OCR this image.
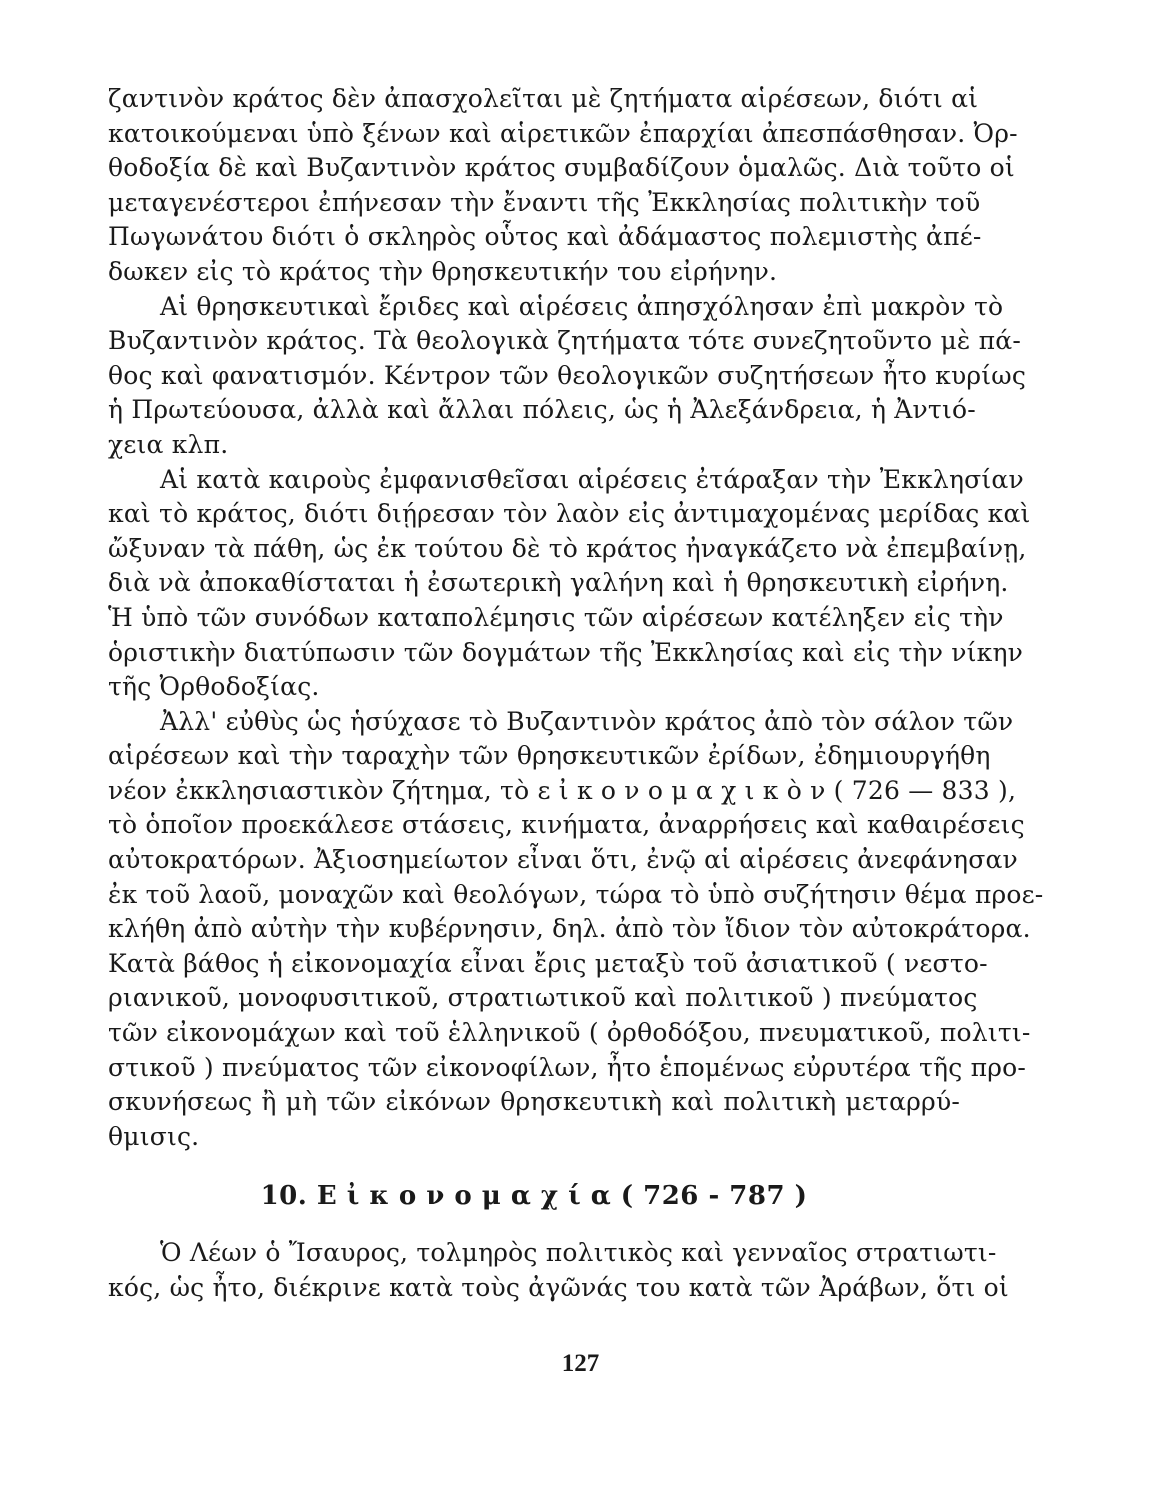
ζαντινὸν κράτος δὲν ἀπασχολεῖται μὲ ζητήματα αἱρέσεων, διότι αἱ
κατοικούμεναι ὑπὸ ξένων καὶ αἱρετικῶν ἐπαρχίαι ἀπεσπάσθησαν. Ὀρ-
θοδοξία δὲ καὶ Βυζαντινὸν κράτος συμβαδίζουν ὁμαλῶς. Διὰ τοῦτο οἱ
μεταγενέστεροι ἐπήνεσαν τὴν ἔναντι τῆς Ἐκκλησίας πολιτικὴν τοῦ
Πωγωνάτου διότι ὁ σκληρὸς οὗτος καὶ ἀδάμαστος πολεμιστὴς ἀπέ-
δωκεν εἰς τὸ κράτος τὴν θρησκευτικήν του εἰρήνην.
Αἱ θρησκευτικαὶ ἔριδες καὶ αἱρέσεις ἀπησχόλησαν ἐπὶ μακρὸν τὸ
Βυζαντινὸν κράτος. Τὰ θεολογικὰ ζητήματα τότε συνεζητοῦντο μὲ πά-
θος καὶ φανατισμόν. Κέντρον τῶν θεολογικῶν συζητήσεων ἦτο κυρίως
ἡ Πρωτεύουσα, ἀλλὰ καὶ ἄλλαι πόλεις, ὡς ἡ Ἀλεξάνδρεια, ἡ Ἀντιό-
χεια κλπ.
Αἱ κατὰ καιροὺς ἐμφανισθεῖσαι αἱρέσεις ἐτάραξαν τὴν Ἐκκλησίαν
καὶ τὸ κράτος, διότι διῄρεσαν τὸν λαὸν εἰς ἀντιμαχομένας μερίδας καὶ
ὤξυναν τὰ πάθη, ὡς ἐκ τούτου δὲ τὸ κράτος ἠναγκάζετο νὰ ἐπεμβαίνῃ,
διὰ νὰ ἀποκαθίσταται ἡ ἐσωτερικὴ γαλήνη καὶ ἡ θρησκευτικὴ εἰρήνη.
Ἡ ὑπὸ τῶν συνόδων καταπολέμησις τῶν αἱρέσεων κατέληξεν εἰς τὴν
ὁριστικὴν διατύπωσιν τῶν δογμάτων τῆς Ἐκκλησίας καὶ εἰς τὴν νίκην
τῆς Ὀρθοδοξίας.
Ἀλλ' εὐθὺς ὡς ἡσύχασε τὸ Βυζαντινὸν κράτος ἀπὸ τὸν σάλον τῶν
αἱρέσεων καὶ τὴν ταραχὴν τῶν θρησκευτικῶν ἐρίδων, ἐδημιουργήθη
νέον ἐκκλησιαστικὸν ζήτημα, τὸ ε ἰ κ ο ν ο μ α χ ι κ ὸ ν ( 726 — 833 ),
τὸ ὁποῖον προεκάλεσε στάσεις, κινήματα, ἀναρρήσεις καὶ καθαιρέσεις
αὐτοκρατόρων. Ἀξιοσημείωτον εἶναι ὅτι, ἐνῷ αἱ αἱρέσεις ἀνεφάνησαν
ἐκ τοῦ λαοῦ, μοναχῶν καὶ θεολόγων, τώρα τὸ ὑπὸ συζήτησιν θέμα προε-
κλήθη ἀπὸ αὐτὴν τὴν κυβέρνησιν, δηλ. ἀπὸ τὸν ἴδιον τὸν αὐτοκράτορα.
Κατὰ βάθος ἡ εἰκονομαχία εἶναι ἔρις μεταξὺ τοῦ ἀσιατικοῦ ( νεστο-
ριανικοῦ, μονοφυσιτικοῦ, στρατιωτικοῦ καὶ πολιτικοῦ ) πνεύματος
τῶν εἰκονομάχων καὶ τοῦ ἑλληνικοῦ ( ὀρθοδόξου, πνευματικοῦ, πολιτι-
στικοῦ ) πνεύματος τῶν εἰκονοφίλων, ἦτο ἑπομένως εὐρυτέρα τῆς προ-
σκυνήσεως ἢ μὴ τῶν εἰκόνων θρησκευτικὴ καὶ πολιτικὴ μεταρρύ-
θμισις.
10. Ε ἰ κ ο ν ο μ α χ ί α ( 726 - 787 )
Ὁ Λέων ὁ Ἴσαυρος, τολμηρὸς πολιτικὸς καὶ γενναῖος στρατιωτι-
κός, ὡς ἦτο, διέκρινε κατὰ τοὺς ἀγῶνάς του κατὰ τῶν Ἀράβων, ὅτι οἱ
127
